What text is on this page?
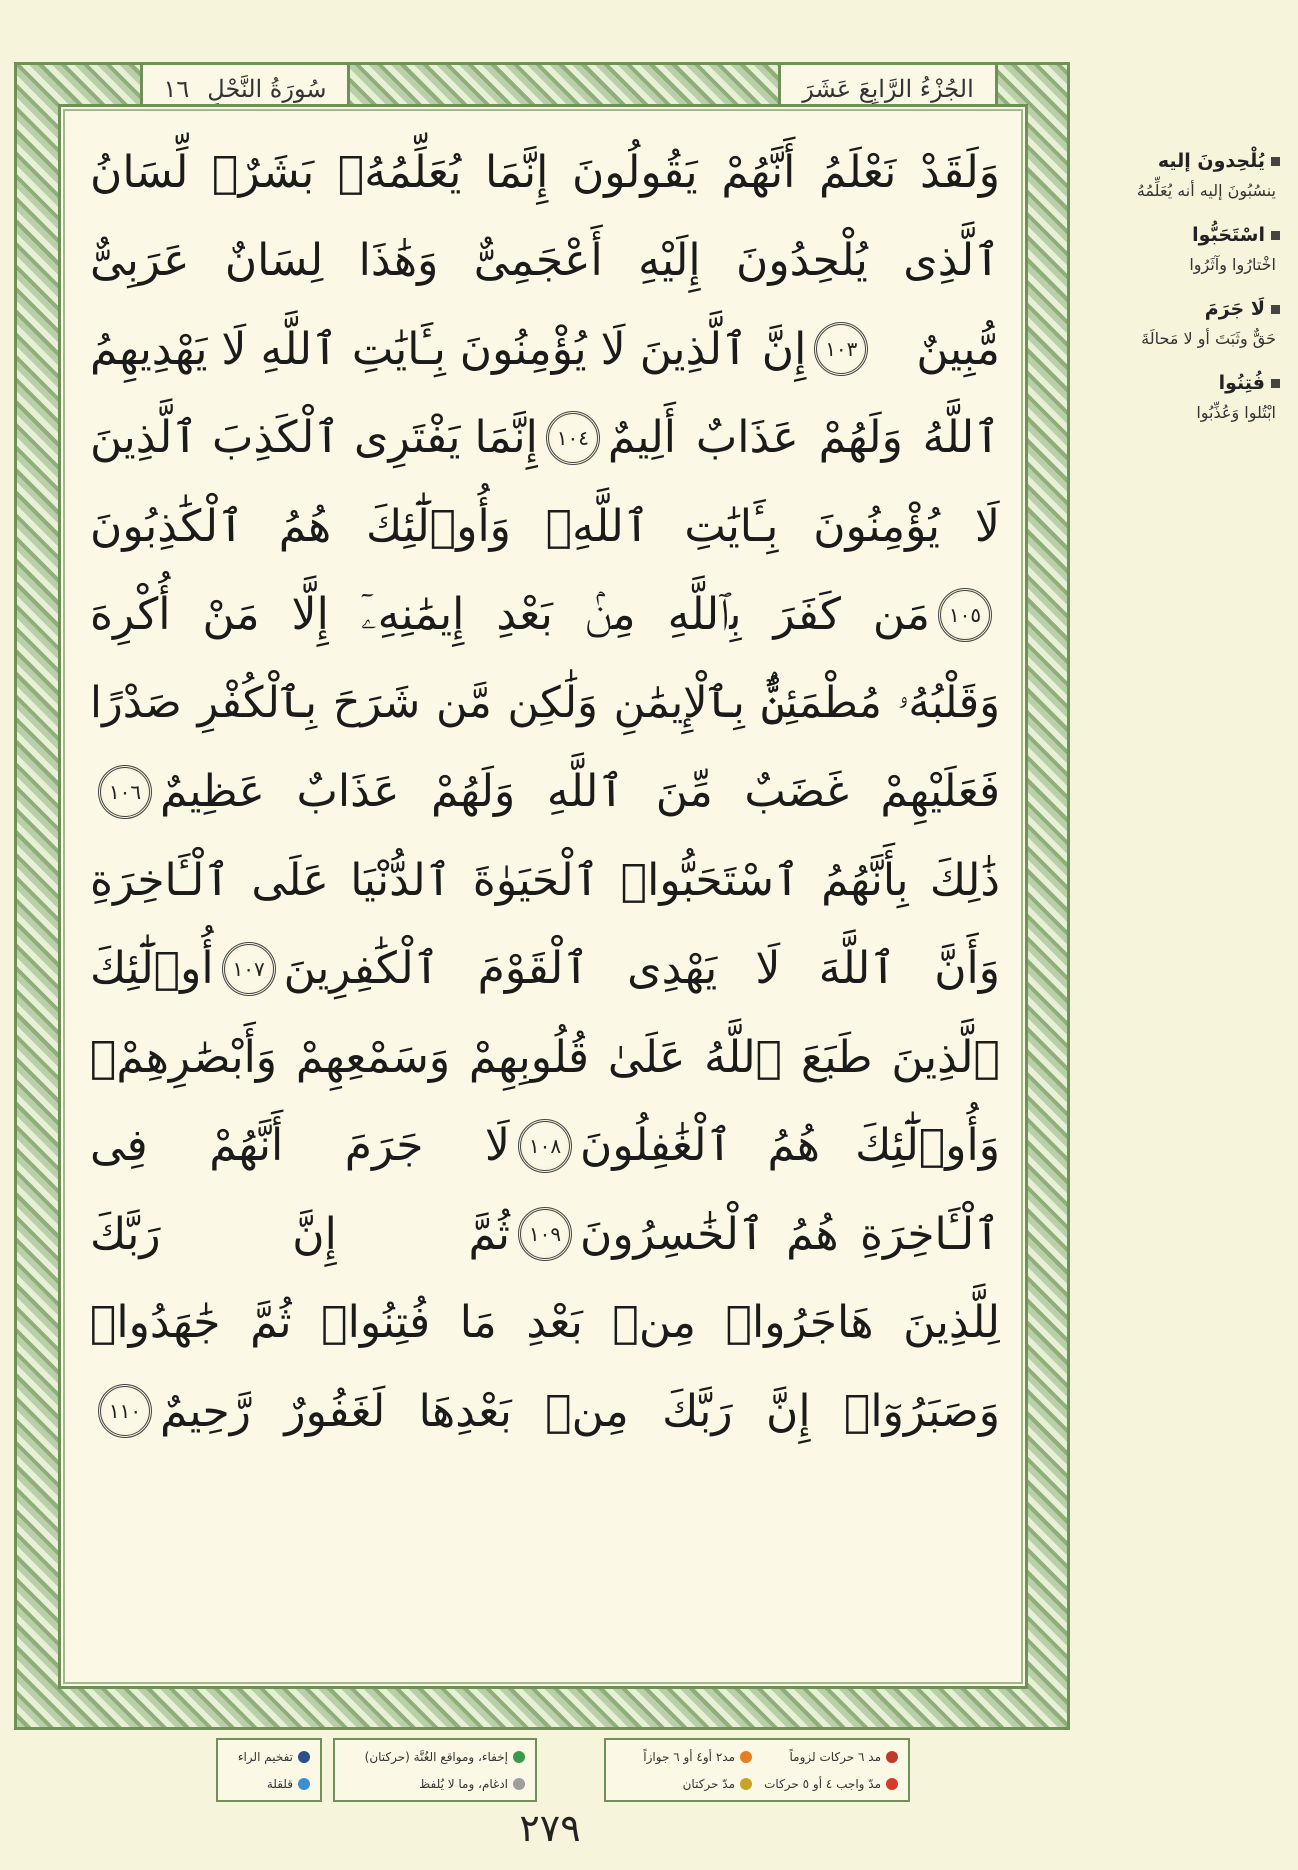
١٦ سُورَةُ النَّحْلِ	الجُزْءُ الرَّابِعَ عَشَرَ
وَلَقَدْ نَعْلَمُ أَنَّهُمْ يَقُولُونَ إِنَّمَا يُعَلِّمُهُۥ بَشَرٌۗ لِّسَانُ
ٱلَّذِى يُلْحِدُونَ إِلَيْهِ أَعْجَمِىٌّ وَهَٰذَا لِسَانٌ عَرَبِىٌّ
مُّبِينٌ
١٠٣
إِنَّ ٱلَّذِينَ لَا يُؤْمِنُونَ بِـَٔايَٰتِ ٱللَّهِ لَا يَهْدِيهِمُ
ٱللَّهُ وَلَهُمْ عَذَابٌ أَلِيمٌ
١٠٤
إِنَّمَا يَفْتَرِى ٱلْكَذِبَ ٱلَّذِينَ
لَا يُؤْمِنُونَ بِـَٔايَٰتِ ٱللَّهِۖ وَأُو۟لَٰٓئِكَ هُمُ ٱلْكَٰذِبُونَ
١٠٥
مَن كَفَرَ بِٱللَّهِ مِنۢ بَعْدِ إِيمَٰنِهِۦٓ إِلَّا مَنْ أُكْرِهَ
وَقَلْبُهُۥ مُطْمَئِنٌّۢ بِٱلْإِيمَٰنِ وَلَٰكِن مَّن شَرَحَ بِٱلْكُفْرِ صَدْرًا
فَعَلَيْهِمْ غَضَبٌ مِّنَ ٱللَّهِ وَلَهُمْ عَذَابٌ عَظِيمٌ
١٠٦
ذَٰلِكَ بِأَنَّهُمُ ٱسْتَحَبُّوا۟ ٱلْحَيَوٰةَ ٱلدُّنْيَا عَلَى ٱلْـَٔاخِرَةِ
وَأَنَّ ٱللَّهَ لَا يَهْدِى ٱلْقَوْمَ ٱلْكَٰفِرِينَ
١٠٧
أُو۟لَٰٓئِكَ
ٱلَّذِينَ طَبَعَ ٱللَّهُ عَلَىٰ قُلُوبِهِمْ وَسَمْعِهِمْ وَأَبْصَٰرِهِمْۖ
وَأُو۟لَٰٓئِكَ هُمُ ٱلْغَٰفِلُونَ
١٠٨
لَا جَرَمَ أَنَّهُمْ فِى
ٱلْـَٔاخِرَةِ هُمُ ٱلْخَٰسِرُونَ
١٠٩
ثُمَّ إِنَّ رَبَّكَ
لِلَّذِينَ هَاجَرُوا۟ مِنۢ بَعْدِ مَا فُتِنُوا۟ ثُمَّ جَٰهَدُوا۟
وَصَبَرُوٓا۟ إِنَّ رَبَّكَ مِنۢ بَعْدِهَا لَغَفُورٌ رَّحِيمٌ
١١٠
يُلْحِدونَ إليه
ينسُبُونَ إليه أنه يُعَلِّمُهُ
اسْتَحَبُّوا
اخْتارُوا وآثَرُوا
لَا جَرَمَ
حَقٌّ وثَبَتَ أو لا مَحالَةَ
فُتِنُوا
ابْتُلوا وَعُذِّبُوا
مد ٦ حركات لزوماً
مد٢ أو٤ أو ٦ جوازاً
مدّ واجب ٤ أو ٥ حركات
مدّ حركتان
إخفاء، ومواقع الغُنَّة (حركتان)
ادغام، وما لا يُلفظ
تفخيم الراء
قلقلة
٢٧٩
